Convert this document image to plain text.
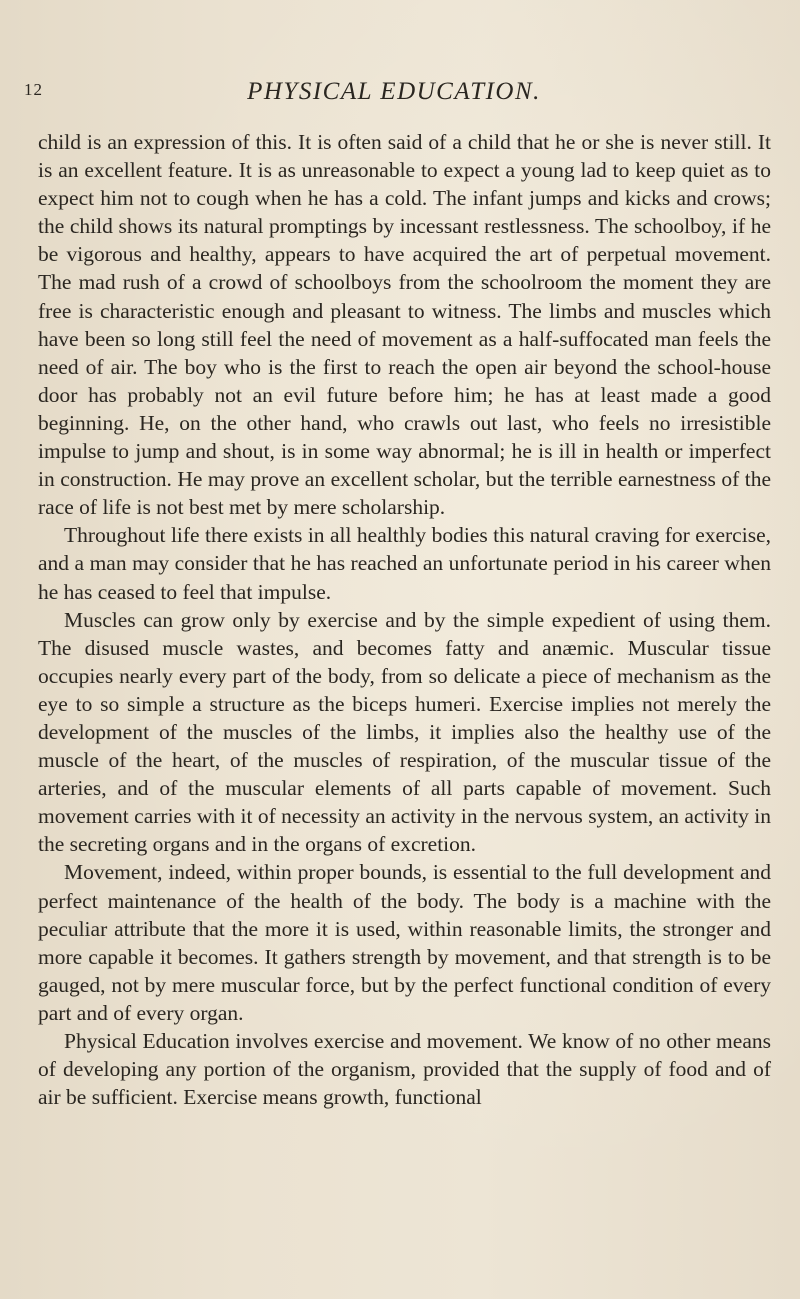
12	PHYSICAL EDUCATION.

child is an expression of this. It is often said of a child that he or she is never still. It is an excellent feature. It is as unreasonable to expect a young lad to keep quiet as to expect him not to cough when he has a cold. The infant jumps and kicks and crows; the child shows its natural promptings by incessant restlessness. The schoolboy, if he be vigorous and healthy, appears to have acquired the art of perpetual movement. The mad rush of a crowd of schoolboys from the schoolroom the moment they are free is characteristic enough and pleasant to witness. The limbs and muscles which have been so long still feel the need of movement as a half-suffocated man feels the need of air. The boy who is the first to reach the open air beyond the school-house door has probably not an evil future before him; he has at least made a good beginning. He, on the other hand, who crawls out last, who feels no irresistible impulse to jump and shout, is in some way abnormal; he is ill in health or imperfect in construction. He may prove an excellent scholar, but the terrible earnestness of the race of life is not best met by mere scholarship.

Throughout life there exists in all healthly bodies this natural craving for exercise, and a man may consider that he has reached an unfortunate period in his career when he has ceased to feel that impulse.

Muscles can grow only by exercise and by the simple expedient of using them. The disused muscle wastes, and becomes fatty and anæmic. Muscular tissue occupies nearly every part of the body, from so delicate a piece of mechanism as the eye to so simple a structure as the biceps humeri. Exercise implies not merely the development of the muscles of the limbs, it implies also the healthy use of the muscle of the heart, of the muscles of respiration, of the muscular tissue of the arteries, and of the muscular elements of all parts capable of movement. Such movement carries with it of necessity an activity in the nervous system, an activity in the secreting organs and in the organs of excretion.

Movement, indeed, within proper bounds, is essential to the full development and perfect maintenance of the health of the body. The body is a machine with the peculiar attribute that the more it is used, within reasonable limits, the stronger and more capable it becomes. It gathers strength by movement, and that strength is to be gauged, not by mere muscular force, but by the perfect functional condition of every part and of every organ.

Physical Education involves exercise and movement. We know of no other means of developing any portion of the organism, provided that the supply of food and of air be sufficient. Exercise means growth, functional
